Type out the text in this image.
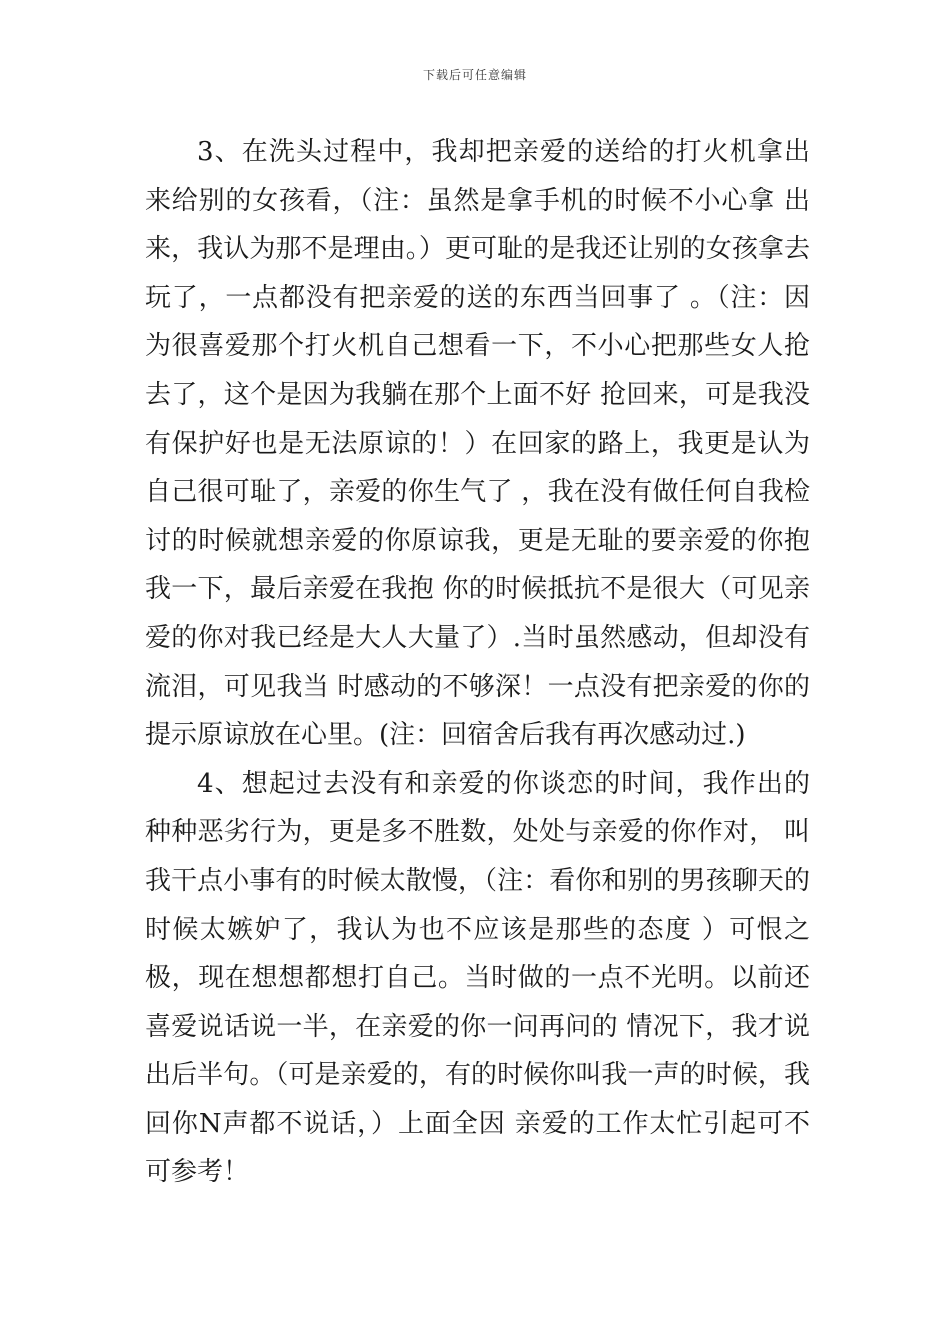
下载后可任意编辑

3、在洗头过程中，我却把亲爱的送给的打火机拿出来给别的女孩看，（注：虽然是拿手机的时候不小心拿 出来，我认为那不是理由。）更可耻的是我还让别的女孩拿去玩了，一点都没有把亲爱的送的东西当回事了 。（注：因为很喜爱那个打火机自己想看一下，不小心把那些女人抢去了，这个是因为我躺在那个上面不好 抢回来，可是我没有保护好也是无法原谅的！）在回家的路上，我更是认为自己很可耻了，亲爱的你生气了 ，我在没有做任何自我检讨的时候就想亲爱的你原谅我，更是无耻的要亲爱的你抱我一下，最后亲爱在我抱 你的时候抵抗不是很大（可见亲爱的你对我已经是大人大量了）.当时虽然感动，但却没有流泪，可见我当 时感动的不够深！一点没有把亲爱的你的提示原谅放在心里。(注：回宿舍后我有再次感动过.)

4、想起过去没有和亲爱的你谈恋的时间，我作出的种种恶劣行为，更是多不胜数，处处与亲爱的你作对， 叫我干点小事有的时候太散慢，（注：看你和别的男孩聊天的时候太嫉妒了，我认为也不应该是那些的态度 ）可恨之极，现在想想都想打自己。当时做的一点不光明。以前还喜爱说话说一半，在亲爱的你一问再问的 情况下，我才说出后半句。（可是亲爱的，有的时候你叫我一声的时候，我回你N声都不说话，）上面全因 亲爱的工作太忙引起可不可参考！
